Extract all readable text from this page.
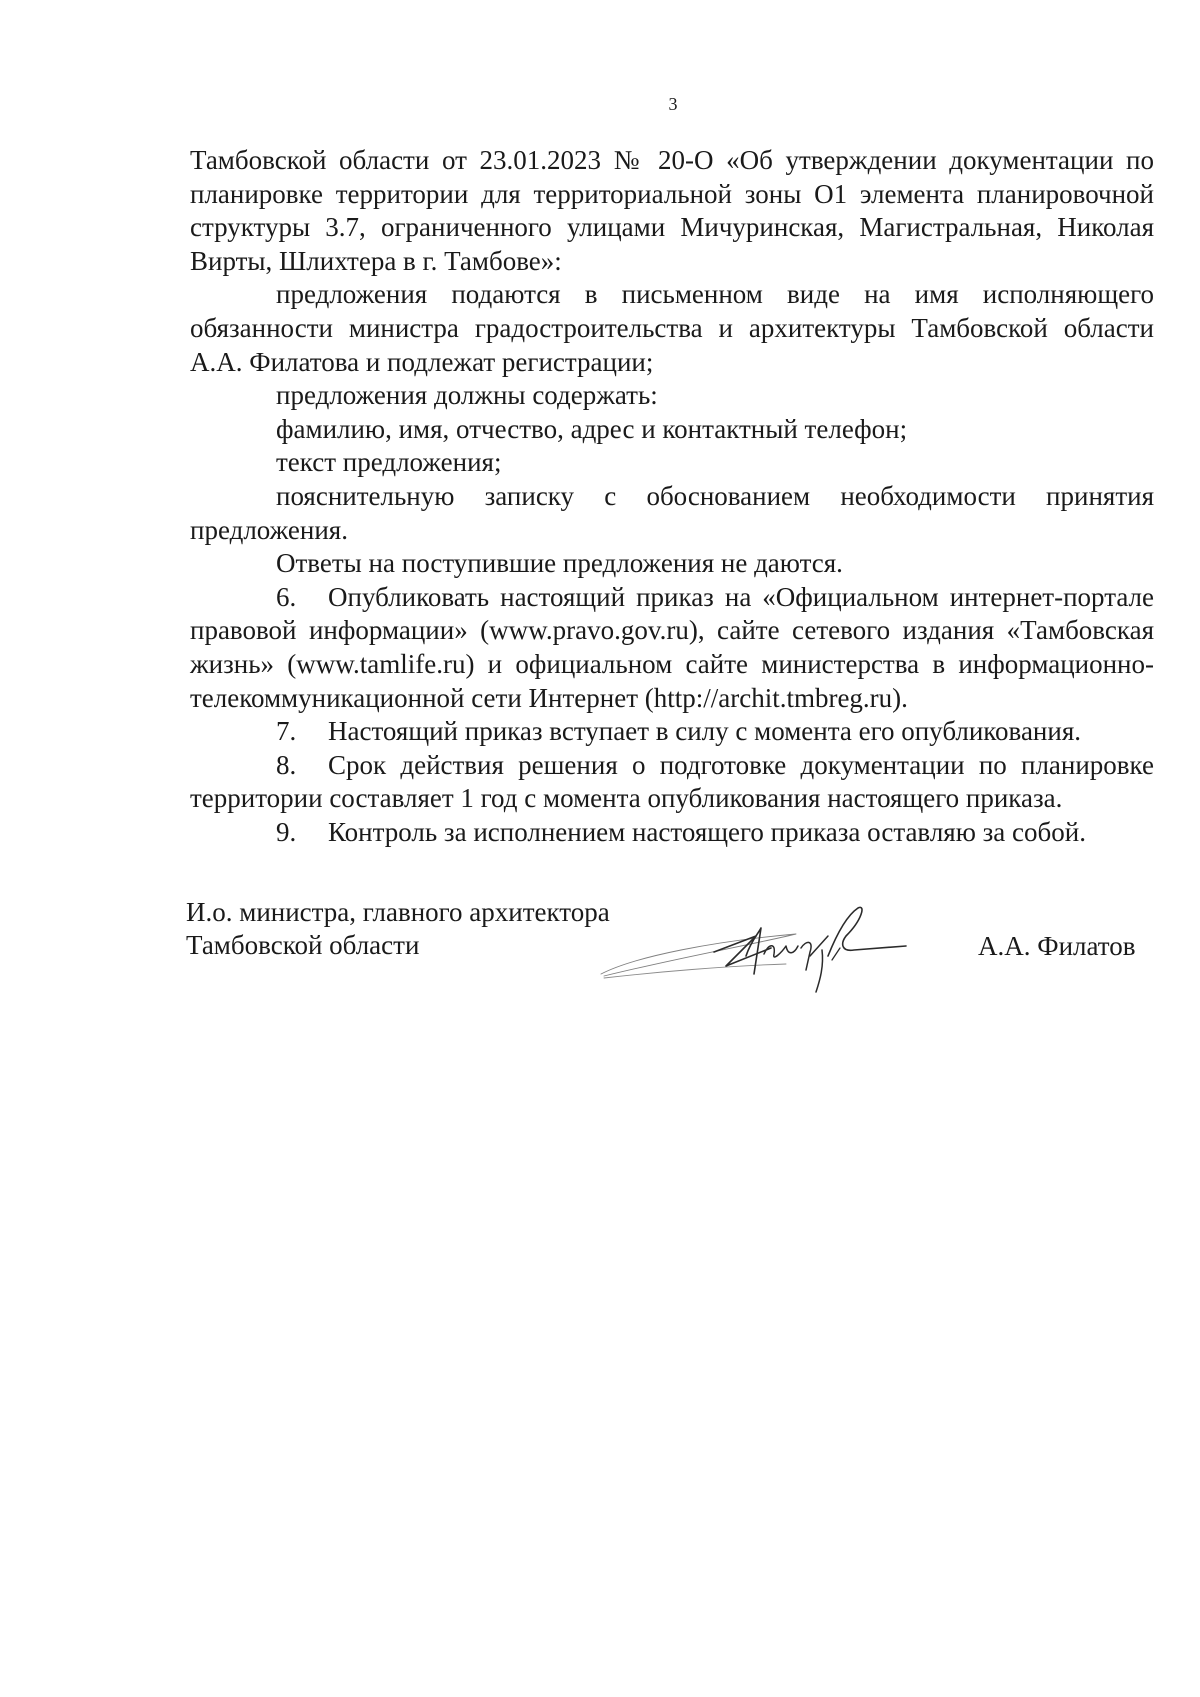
3

Тамбовской области от 23.01.2023 № 20-О «Об утверждении документации по планировке территории для территориальной зоны О1 элемента планировочной структуры 3.7, ограниченного улицами Мичуринская, Магистральная, Николая Вирты, Шлихтера в г. Тамбове»:

предложения подаются в письменном виде на имя исполняющего обязанности министра градостроительства и архитектуры Тамбовской области А.А. Филатова и подлежат регистрации;

предложения должны содержать:

фамилию, имя, отчество, адрес и контактный телефон;

текст предложения;

пояснительную записку с обоснованием необходимости принятия предложения.

Ответы на поступившие предложения не даются.

6. Опубликовать настоящий приказ на «Официальном интернет-портале правовой информации» (www.pravo.gov.ru), сайте сетевого издания «Тамбовская жизнь» (www.tamlife.ru) и официальном сайте министерства в информационно-телекоммуникационной сети Интернет (http://archit.tmbreg.ru).

7. Настоящий приказ вступает в силу с момента его опубликования.

8. Срок действия решения о подготовке документации по планировке территории составляет 1 год с момента опубликования настоящего приказа.

9. Контроль за исполнением настоящего приказа оставляю за собой.

И.о. министра, главного архитектора

Тамбовской области	А.А. Филатов
